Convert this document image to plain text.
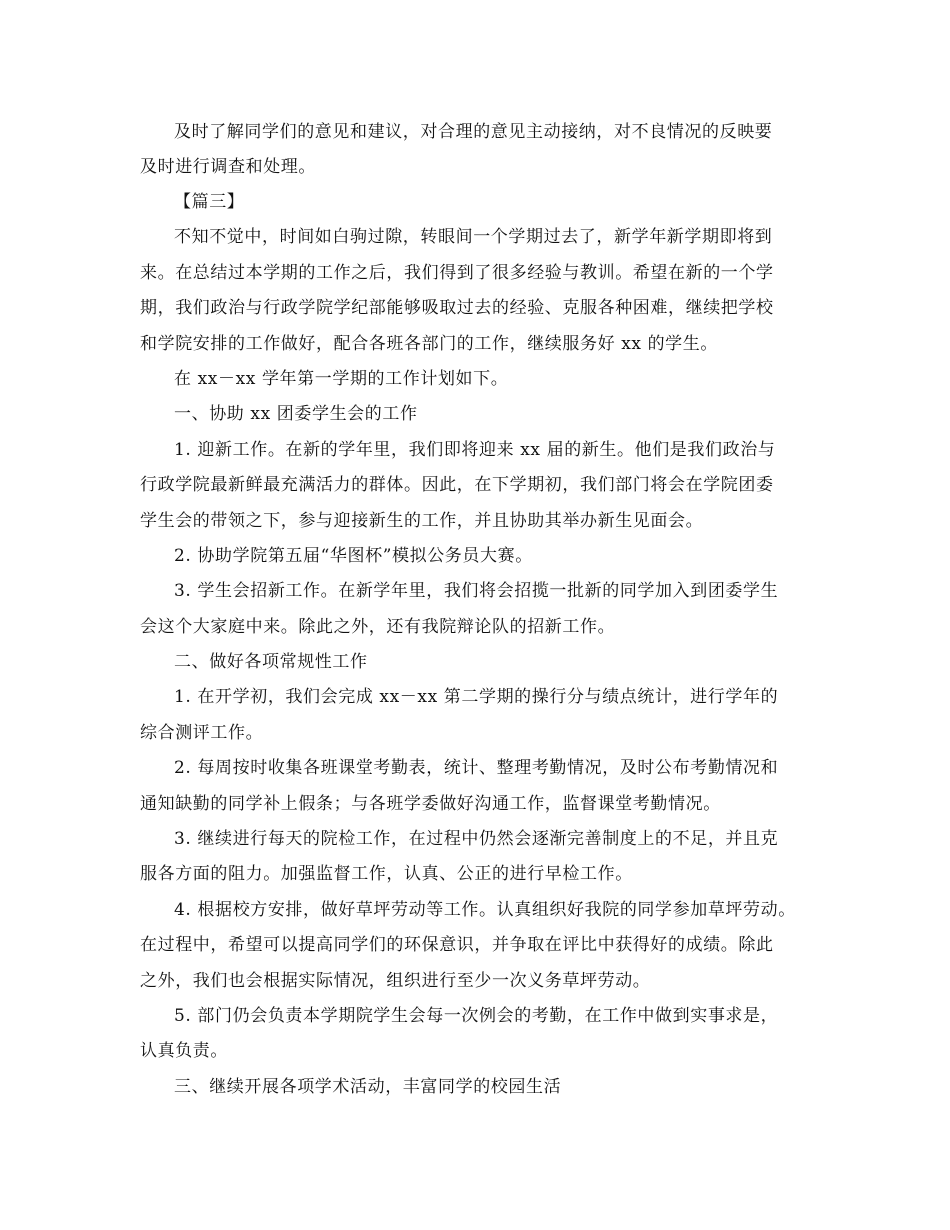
及时了解同学们的意见和建议，对合理的意见主动接纳，对不良情况的反映要
及时进行调查和处理。
【篇三】
不知不觉中，时间如白驹过隙，转眼间一个学期过去了，新学年新学期即将到
来。在总结过本学期的工作之后，我们得到了很多经验与教训。希望在新的一个学
期，我们政治与行政学院学纪部能够吸取过去的经验、克服各种困难，继续把学校
和学院安排的工作做好，配合各班各部门的工作，继续服务好 xx 的学生。
在 xx－xx 学年第一学期的工作计划如下。
一、协助 xx 团委学生会的工作
1. 迎新工作。在新的学年里，我们即将迎来 xx 届的新生。他们是我们政治与
行政学院最新鲜最充满活力的群体。因此，在下学期初，我们部门将会在学院团委
学生会的带领之下，参与迎接新生的工作，并且协助其举办新生见面会。
2. 协助学院第五届“华图杯”模拟公务员大赛。
3. 学生会招新工作。在新学年里，我们将会招揽一批新的同学加入到团委学生
会这个大家庭中来。除此之外，还有我院辩论队的招新工作。
二、做好各项常规性工作
1. 在开学初，我们会完成 xx－xx 第二学期的操行分与绩点统计，进行学年的
综合测评工作。
2. 每周按时收集各班课堂考勤表，统计、整理考勤情况，及时公布考勤情况和
通知缺勤的同学补上假条；与各班学委做好沟通工作，监督课堂考勤情况。
3. 继续进行每天的院检工作，在过程中仍然会逐渐完善制度上的不足，并且克
服各方面的阻力。加强监督工作，认真、公正的进行早检工作。
4. 根据校方安排，做好草坪劳动等工作。认真组织好我院的同学参加草坪劳动。
在过程中，希望可以提高同学们的环保意识，并争取在评比中获得好的成绩。除此
之外，我们也会根据实际情况，组织进行至少一次义务草坪劳动。
5. 部门仍会负责本学期院学生会每一次例会的考勤，在工作中做到实事求是，
认真负责。
三、继续开展各项学术活动，丰富同学的校园生活
